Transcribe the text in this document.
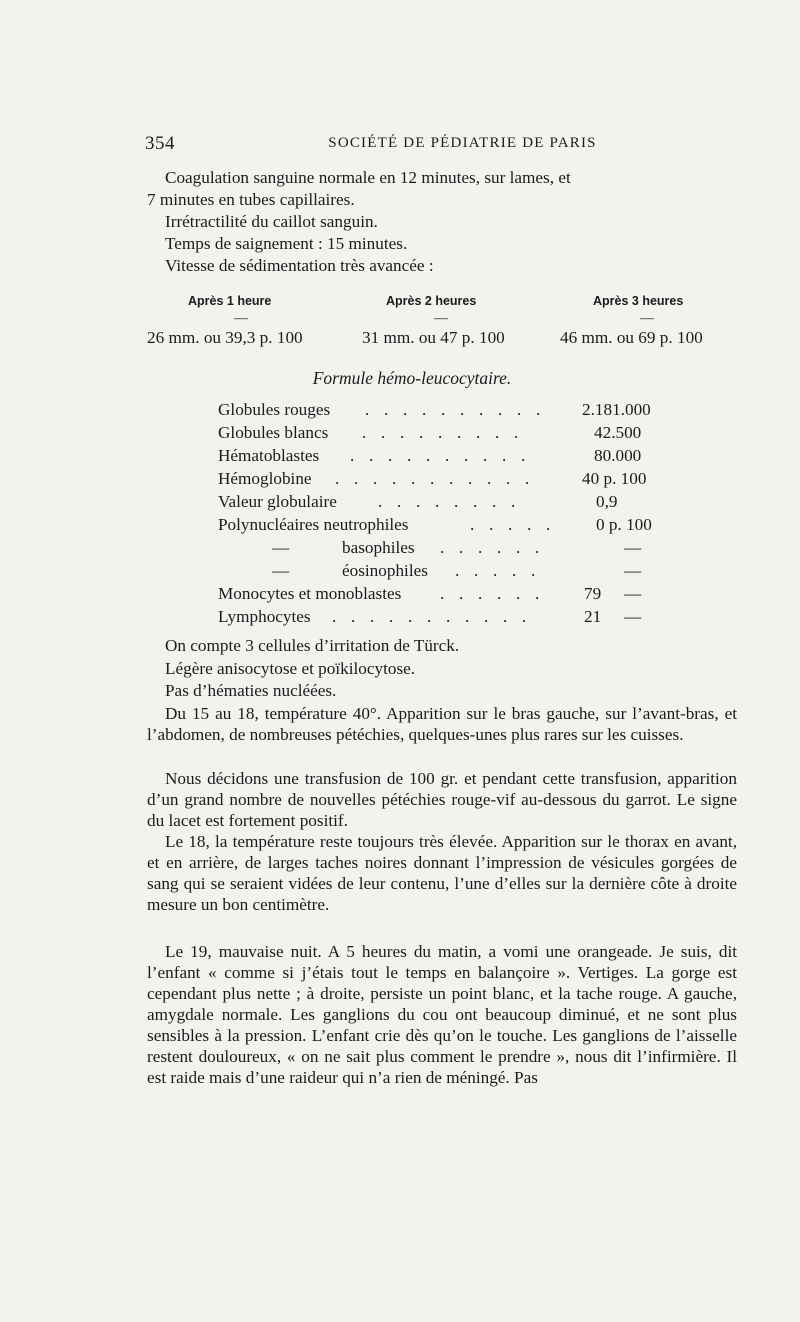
354	SOCIÉTÉ DE PÉDIATRIE DE PARIS
Coagulation sanguine normale en 12 minutes, sur lames, et
7 minutes en tubes capillaires.
Irrétractilité du caillot sanguin.
Temps de saignement : 15 minutes.
Vitesse de sédimentation très avancée :
Après 1 heure	Après 2 heures	Après 3 heures
—	—	—
26 mm. ou 39,3 p. 100	31 mm. ou 47 p. 100	46 mm. ou 69 p. 100
Formule hémo-leucocytaire.
Globules rouges . . . . . . . . . . 2.181.000
Globules blancs . . . . . . . . .	42.500
Hématoblastes . . . . . . . . . .	80.000
Hémoglobine . . . . . . . . . . .	40 p. 100
Valeur globulaire . . . . . . . .	0,9
Polynucléaires neutrophiles	. . . . . 0 p. 100
—	basophiles . . . . . .	—
—	éosinophiles . . . . .	—
Monocytes et monoblastes . . . . . . 79 —
Lymphocytes . . . . . . . . . . .	21 —
On compte 3 cellules d’irritation de Türck.
Légère anisocytose et poïkilocytose.
Pas d’hématies nucléées.
Du 15 au 18, température 40°. Apparition sur le bras gauche, sur l’avant-bras, et l’abdomen, de nombreuses pétéchies, quelques-unes plus rares sur les cuisses.
Nous décidons une transfusion de 100 gr. et pendant cette transfusion, apparition d’un grand nombre de nouvelles pétéchies rouge-vif au-dessous du garrot. Le signe du lacet est fortement positif.
Le 18, la température reste toujours très élevée. Apparition sur le thorax en avant, et en arrière, de larges taches noires donnant l’impression de vésicules gorgées de sang qui se seraient vidées de leur contenu, l’une d’elles sur la dernière côte à droite mesure un bon centimètre.
Le 19, mauvaise nuit. A 5 heures du matin, a vomi une orangeade. Je suis, dit l’enfant « comme si j’étais tout le temps en balançoire ». Vertiges. La gorge est cependant plus nette ; à droite, persiste un point blanc, et la tache rouge. A gauche, amygdale normale. Les ganglions du cou ont beaucoup diminué, et ne sont plus sensibles à la pression. L’enfant crie dès qu’on le touche. Les ganglions de l’aisselle restent douloureux, « on ne sait plus comment le prendre », nous dit l’infirmière. Il est raide mais d’une raideur qui n’a rien de méningé. Pas
